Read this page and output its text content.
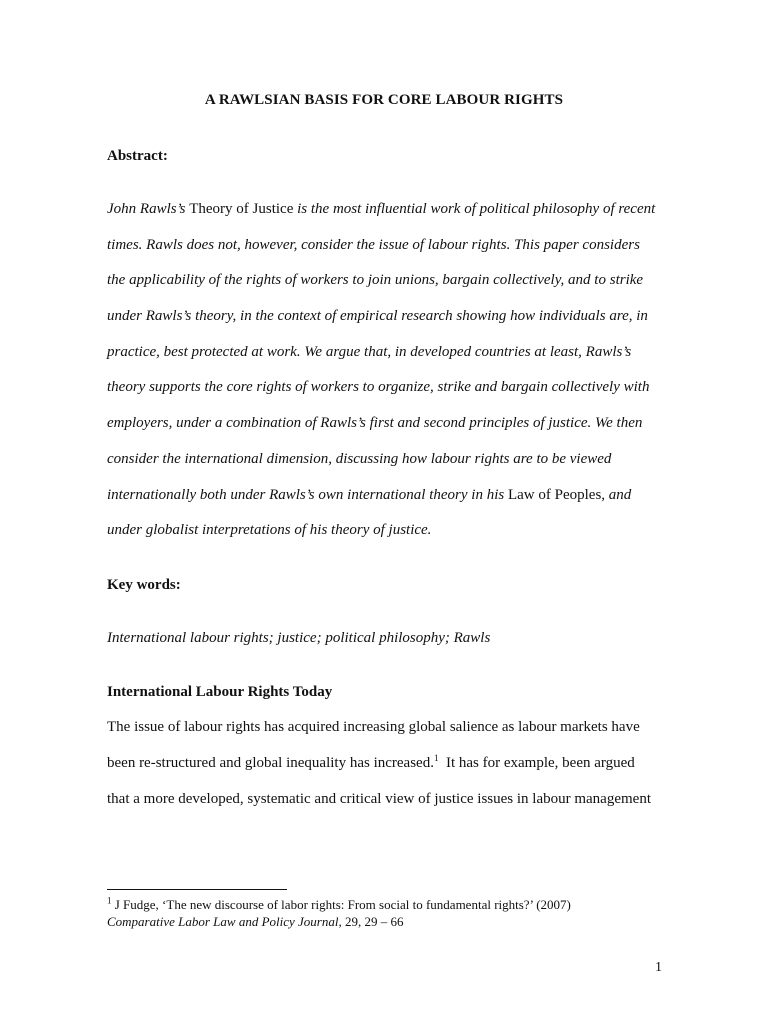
A RAWLSIAN BASIS FOR CORE LABOUR RIGHTS
Abstract:
John Rawls’s Theory of Justice is the most influential work of political philosophy of recent
times. Rawls does not, however, consider the issue of labour rights. This paper considers
the applicability of the rights of workers to join unions, bargain collectively, and to strike
under Rawls’s theory, in the context of empirical research showing how individuals are, in
practice, best protected at work. We argue that, in developed countries at least, Rawls’s
theory supports the core rights of workers to organize, strike and bargain collectively with
employers, under a combination of Rawls’s first and second principles of justice. We then
consider the international dimension, discussing how labour rights are to be viewed
internationally both under Rawls’s own international theory in his Law of Peoples, and
under globalist interpretations of his theory of justice.
Key words:
International labour rights; justice; political philosophy; Rawls
International Labour Rights Today
The issue of labour rights has acquired increasing global salience as labour markets have
been re-structured and global inequality has increased.$^1$  It has for example, been argued
that a more developed, systematic and critical view of justice issues in labour management
$^1$ J Fudge, ‘The new discourse of labor rights: From social to fundamental rights?’ (2007)
Comparative Labor Law and Policy Journal, 29, 29 – 66
1
